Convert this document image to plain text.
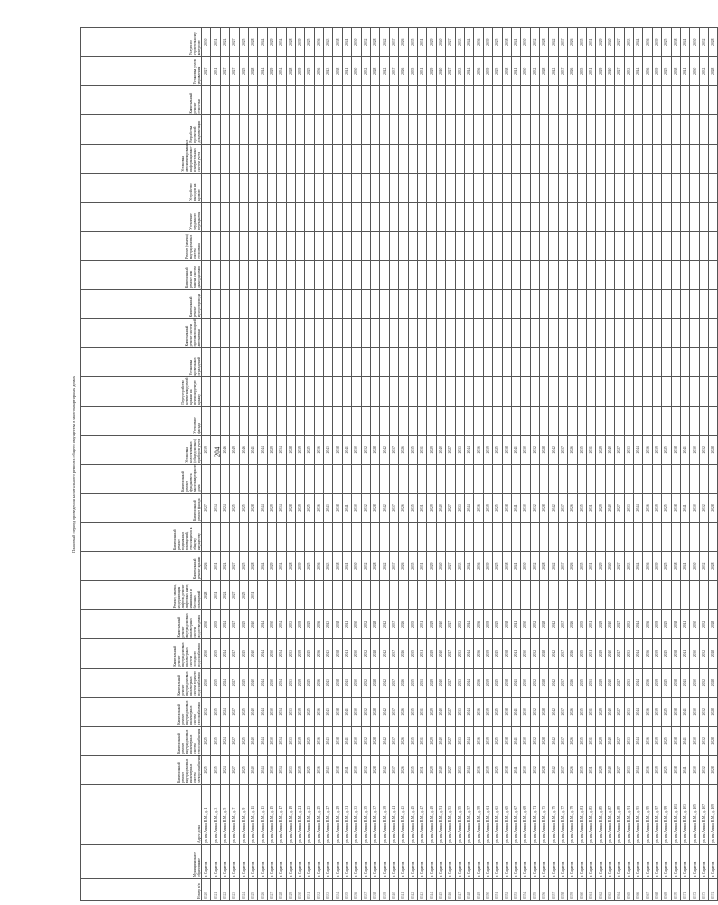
204
Плановый период проведения капитального ремонта общего имущества в многоквартирных домах
Номер п/п	Муниципальное образование	Адрес дома	Капитальный ремонт внутридомовых инженерных систем электроснабжения	Капитальный ремонт внутридомовых инженерных систем теплоснабжения	Капитальный ремонт внутридомовых инженерных систем газоснабжения	Капитальный ремонт внутридомовых инженерных систем горячего водоснабжения	Капитальный ремонт внутридомовых инженерных систем холодного водоснабжения	Капитальный ремонт внутридомовых инженерных систем водоотведения	Ремонт, замена, модернизация лифтов, ремонт лифтовых шахт, машинных и блочных помещений	Капитальный ремонт крыши	Капитальный ремонт подвальных помещений, относящихся к общему имуществу	Капитальный ремонт фасада	Капитальный ремонт фундамента многоквартирного дома	Установка коллективных (общедомовых) приборов учета	Утепление фасада	Переустройство невентилируемой крыши на вентилируемую крышу	Установка кровельных ограждений	Капитальный ремонт систем противопожарной автоматики	Капитальный ремонт мусоропровода	Капитальный ремонт или замена систем дымоудаления	Ремонт (замена) внутридомовых систем отопления	Утепление чердачного перекрытия	Устройство выходов на кровлю	Установка автоматизированных информационно-измерительных систем учета	Разработка проектной документации	Капитальный ремонт отмостки	Установка узлов управления	Услуги по строительному контролю
8320	г. Саратов	ул. им Азина В.М., д. 1	2025	2025	2032	2030	2030	2030	2028	2026		2027		2039													2027	2030
8321	г. Саратов	ул. им Азина В.М., д. 3	2035	2035	2035	2035	2035	2035	2031	2031		2034															2031	2031
8322	г. Саратов	ул. им Азина В.М., д. 5	2024	2024	2024	2024	2024	2024	2024	2024		2024		2046													2027	2024
8323	г. Саратов	ул. им Азина В.М., д. 7	2027	2027	2027	2027	2027	2027	2027	2027		2025		2049													2027	2027
8324	г. Саратов	ул. им Азина В.М., д. 9	2025	2025	2025	2025	2025	2025	2025	2025		2025		2046													2025	2025
8325	г. Саратов	ул. им Азина В.М., д. 11	2040	2040	2040	2040	2040	2040	2031	2028		2028		2041													2028	2028
8326	г. Саратов	ул. им Азина В.М., д. 13	2044	2044	2044	2044	2044	2044		2044		2044		2044													2044	2044
8327	г. Саратов	ул. им Азина В.М., д. 15	2030	2030	2030	2030	2030	2030		2029		2029		2029													2029	2029
8328	г. Саратов	ул. им Азина В.М., д. 17	2034	2034	2034	2034	2034	2034		2034		2034		2034													2034	2034
8329	г. Саратов	ул. им Азина В.М., д. 19	2033	2033	2033	2033	2033	2033		2028		2028		2028													2028	2028
8330	г. Саратов	ул. им Азина В.М., д. 21	2039	2039	2039	2039	2039	2039		2039		2039		2039													2039	2039
8331	г. Саратов	ул. им Азина В.М., д. 23	2025	2025	2025	2025	2025	2025		2025		2025		2025													2025	2025
8332	г. Саратов	ул. им Азина В.М., д. 25	2036	2036	2036	2036	2036	2036		2036		2036		2036													2036	2036
8333	г. Саратов	ул. им Азина В.М., д. 27	2043	2043	2043	2043	2043	2043		2043		2043		2043													2043	2043
8334	г. Саратов	ул. им Азина В.М., д. 29	2038	2038	2038	2038	2038	2038		2038		2038		2038													2038	2038
8335	г. Саратов	ул. им Азина В.М., д. 31	2041	2041	2041	2041	2041	2041		2041		2041		2041													2041	2041
8336	г. Саратов	ул. им Азина В.М., д. 33	2030	2030	2030	2030	2030	2030		2030		2030		2030													2030	2030
8337	г. Саратов	ул. им Азина В.М., д. 35	2032	2032	2032	2032	2032	2032		2032		2032		2032													2032	2032
8338	г. Саратов	ул. им Азина В.М., д. 37	2028	2028	2028	2028	2028	2028		2028		2028		2028													2028	2028
8339	г. Саратов	ул. им Азина В.М., д. 39	2042	2042	2042	2042	2042	2042		2042		2042		2042													2042	2042
8340	г. Саратов	ул. им Азина В.М., д. 41	2037	2037	2037	2037	2037	2037		2037		2037		2037													2037	2037
8341	г. Саратов	ул. им Азина В.М., д. 43	2026	2026	2026	2026	2026	2026		2026		2026		2026													2026	2026
8342	г. Саратов	ул. им Азина В.М., д. 45	2035	2035	2035	2035	2035	2035		2035		2035		2035													2035	2035
8343	г. Саратов	ул. им Азина В.М., д. 47	2031	2031	2031	2031	2031	2031		2031		2031		2031													2031	2031
8344	г. Саратов	ул. им Азина В.М., д. 49	2029	2029	2029	2029	2029	2029		2029		2029		2029													2029	2029
8345	г. Саратов	ул. им Азина В.М., д. 51	2040	2040	2040	2040	2040	2040		2040		2040		2040													2040	2040
8346	г. Саратов	ул. им Азина В.М., д. 53	2027	2027	2027	2027	2027	2027		2027		2027		2027													2027	2027
8347	г. Саратов	ул. им Азина В.М., д. 55	2033	2033	2033	2033	2033	2033		2033		2033		2033													2033	2033
8348	г. Саратов	ул. им Азина В.М., д. 57	2044	2044	2044	2044	2044	2044		2044		2044		2044													2044	2044
8349	г. Саратов	ул. им Азина В.М., д. 59	2036	2036	2036	2036	2036	2036		2036		2036		2036													2036	2036
8350	г. Саратов	ул. им Азина В.М., д. 61	2039	2039	2039	2039	2039	2039		2039		2039		2039													2039	2039
8351	г. Саратов	ул. им Азина В.М., д. 63	2025	2025	2025	2025	2025	2025		2025		2025		2025													2025	2025
8352	г. Саратов	ул. им Азина В.М., д. 65	2038	2038	2038	2038	2038	2038		2038		2038		2038													2038	2038
8353	г. Саратов	ул. им Азина В.М., д. 67	2041	2041	2041	2041	2041	2041		2041		2041		2041													2041	2041
8354	г. Саратов	ул. им Азина В.М., д. 69	2030	2030	2030	2030	2030	2030		2030		2030		2030													2030	2030
8355	г. Саратов	ул. им Азина В.М., д. 71	2032	2032	2032	2032	2032	2032		2032		2032		2032													2032	2032
8356	г. Саратов	ул. им Азина В.М., д. 73	2028	2028	2028	2028	2028	2028		2028		2028		2028													2028	2028
8357	г. Саратов	ул. им Азина В.М., д. 75	2042	2042	2042	2042	2042	2042		2042		2042		2042													2042	2042
8358	г. Саратов	ул. им Азина В.М., д. 77	2037	2037	2037	2037	2037	2037		2037		2037		2037													2037	2037
8359	г. Саратов	ул. им Азина В.М., д. 79	2026	2026	2026	2026	2026	2026		2026		2026		2026													2026	2026
8360	г. Саратов	ул. им Азина В.М., д. 81	2035	2035	2035	2035	2035	2035		2035		2035		2035													2035	2035
8361	г. Саратов	ул. им Азина В.М., д. 83	2031	2031	2031	2031	2031	2031		2031		2031		2031													2031	2031
8362	г. Саратов	ул. им Азина В.М., д. 85	2029	2029	2029	2029	2029	2029		2029		2029		2029													2029	2029
8363	г. Саратов	ул. им Азина В.М., д. 87	2040	2040	2040	2040	2040	2040		2040		2040		2040													2040	2040
8364	г. Саратов	ул. им Азина В.М., д. 89	2027	2027	2027	2027	2027	2027		2027		2027		2027													2027	2027
8365	г. Саратов	ул. им Азина В.М., д. 91	2033	2033	2033	2033	2033	2033		2033		2033		2033													2033	2033
8366	г. Саратов	ул. им Азина В.М., д. 93	2044	2044	2044	2044	2044	2044		2044		2044		2044													2044	2044
8367	г. Саратов	ул. им Азина В.М., д. 95	2036	2036	2036	2036	2036	2036		2036		2036		2036													2036	2036
8368	г. Саратов	ул. им Азина В.М., д. 97	2039	2039	2039	2039	2039	2039		2039		2039		2039													2039	2039
8369	г. Саратов	ул. им Азина В.М., д. 99	2025	2025	2025	2025	2025	2025		2025		2025		2025													2025	2025
8370	г. Саратов	ул. им Азина В.М., д. 101	2038	2038	2038	2038	2038	2038		2038		2038		2038													2038	2038
8371	г. Саратов	ул. им Азина В.М., д. 103	2041	2041	2041	2041	2041	2041		2041		2041		2041													2041	2041
8372	г. Саратов	ул. им Азина В.М., д. 105	2030	2030	2030	2030	2030	2030		2030		2030		2030													2030	2030
8373	г. Саратов	ул. им Азина В.М., д. 107	2032	2032	2032	2032	2032	2032		2032		2032		2032													2032	2032
8374	г. Саратов	ул. им Азина В.М., д. 109	2028	2028	2028	2028	2028	2028		2028		2028		2028													2028	2028
